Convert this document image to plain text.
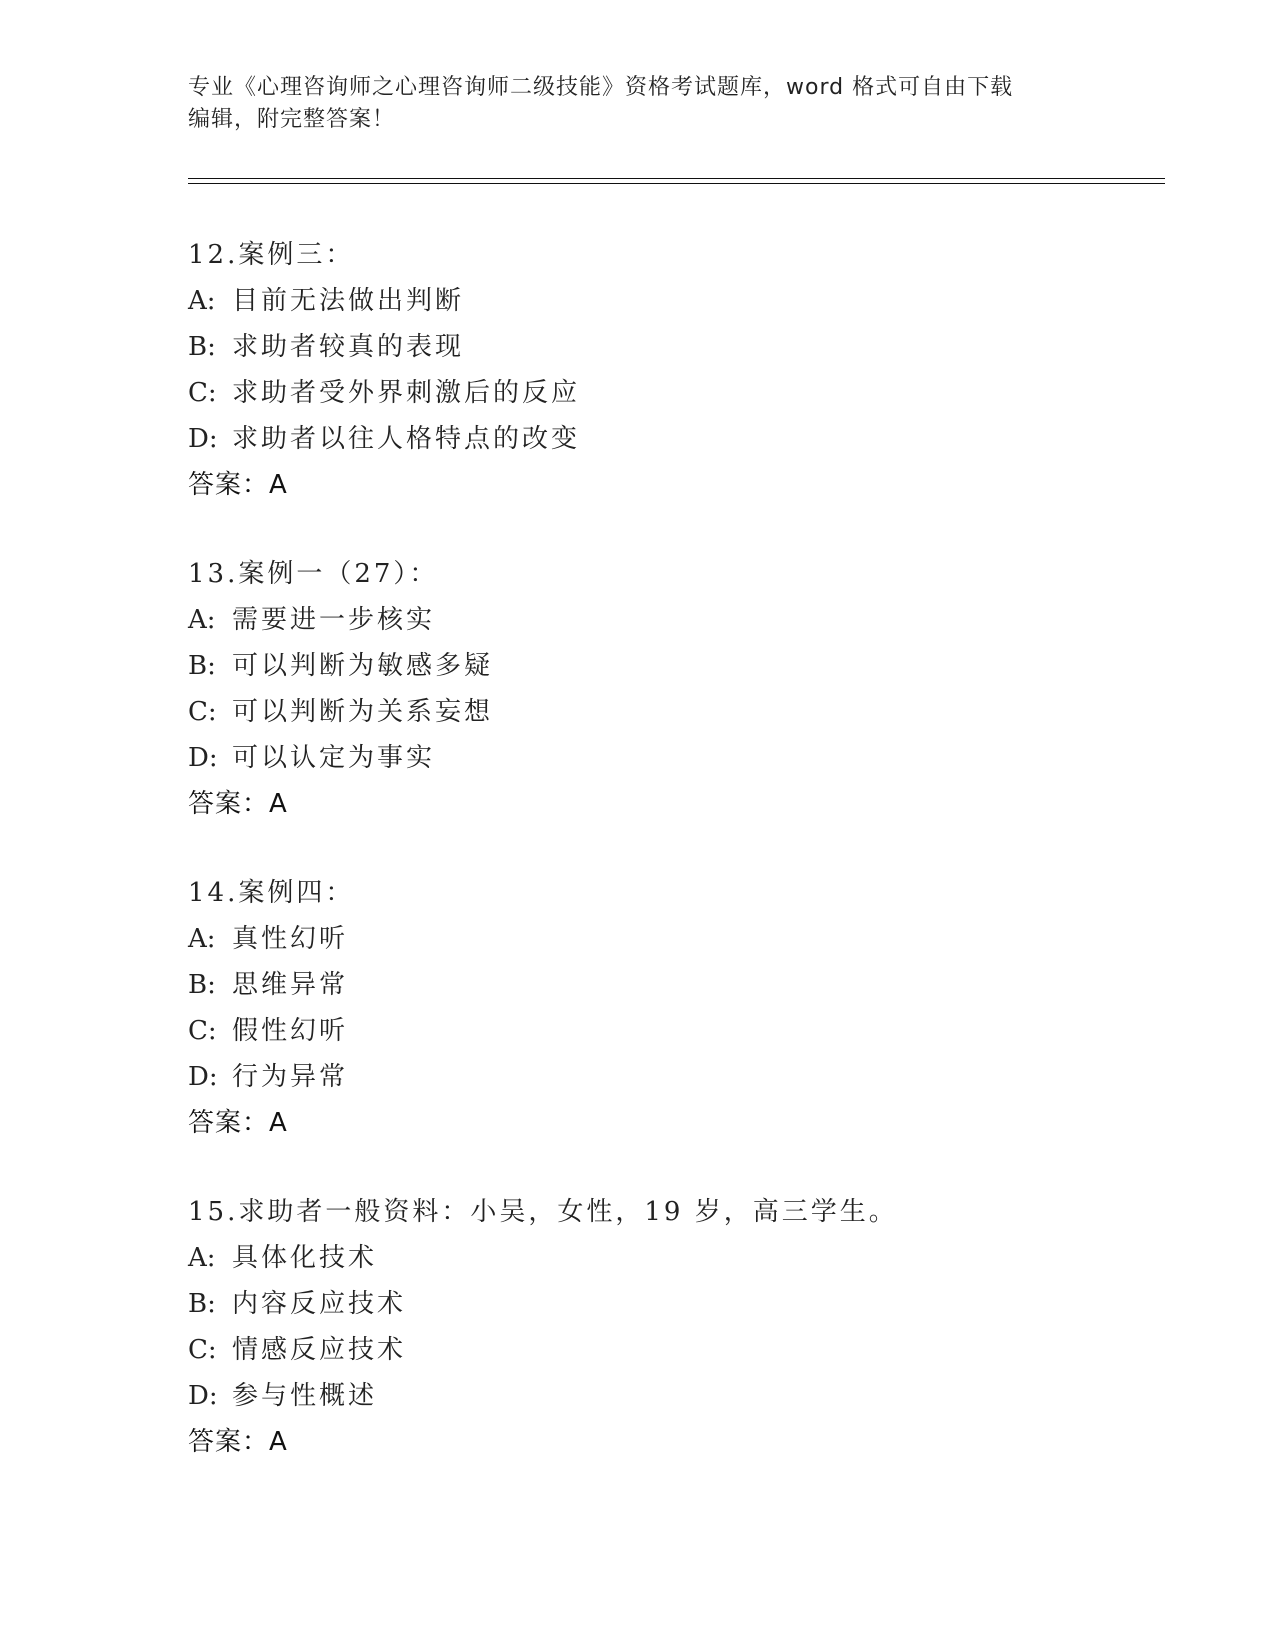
专业《心理咨询师之心理咨询师二级技能》资格考试题库，word 格式可自由下载
编辑，附完整答案！
12.案例三：
A: 目前无法做出判断
B: 求助者较真的表现
C: 求助者受外界刺激后的反应
D: 求助者以往人格特点的改变
答案：A
13.案例一（27）：
A: 需要进一步核实
B: 可以判断为敏感多疑
C: 可以判断为关系妄想
D: 可以认定为事实
答案：A
14.案例四：
A: 真性幻听
B: 思维异常
C: 假性幻听
D: 行为异常
答案：A
15.求助者一般资料：小吴，女性，19 岁，高三学生。
A: 具体化技术
B: 内容反应技术
C: 情感反应技术
D: 参与性概述
答案：A
